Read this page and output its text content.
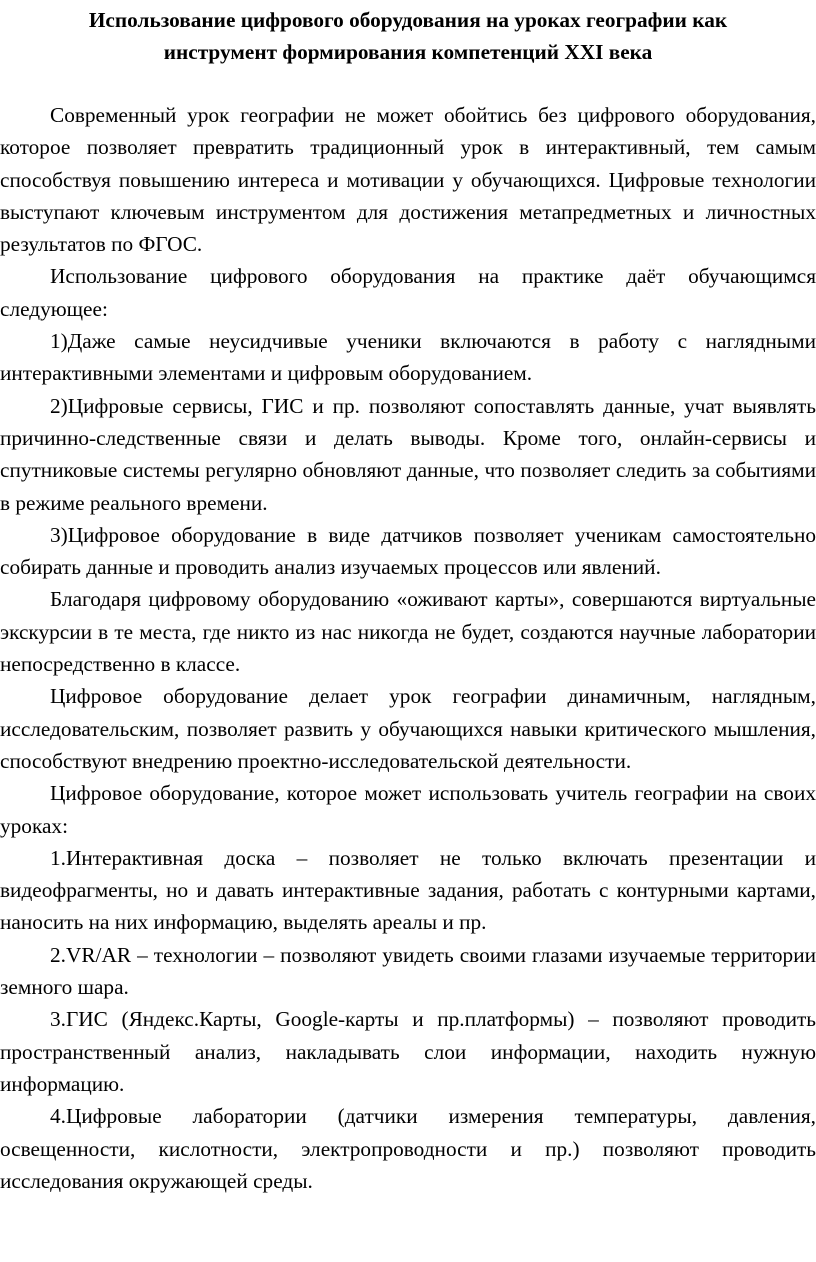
Использование цифрового оборудования на уроках географии как
инструмент формирования компетенций XXI века

Современный урок географии не может обойтись без цифрового оборудования, которое позволяет превратить традиционный урок в интерактивный, тем самым способствуя повышению интереса и мотивации у обучающихся. Цифровые технологии выступают ключевым инструментом для достижения метапредметных и личностных результатов по ФГОС.

Использование цифрового оборудования на практике даёт обучающимся следующее:

1)Даже самые неусидчивые ученики включаются в работу с наглядными интерактивными элементами и цифровым оборудованием.

2)Цифровые сервисы, ГИС и пр. позволяют сопоставлять данные, учат выявлять причинно-следственные связи и делать выводы. Кроме того, онлайн-сервисы и спутниковые системы регулярно обновляют данные, что позволяет следить за событиями в режиме реального времени.

3)Цифровое оборудование в виде датчиков позволяет ученикам самостоятельно собирать данные и проводить анализ изучаемых процессов или явлений.

Благодаря цифровому оборудованию «оживают карты», совершаются виртуальные экскурсии в те места, где никто из нас никогда не будет, создаются научные лаборатории непосредственно в классе.

Цифровое оборудование делает урок географии динамичным, наглядным, исследовательским, позволяет развить у обучающихся навыки критического мышления, способствуют внедрению проектно-исследовательской деятельности.

Цифровое оборудование, которое может использовать учитель географии на своих уроках:

1.Интерактивная доска – позволяет не только включать презентации и видеофрагменты, но и давать интерактивные задания, работать с контурными картами, наносить на них информацию, выделять ареалы и пр.

2.VR/AR – технологии – позволяют увидеть своими глазами изучаемые территории земного шара.

3.ГИС (Яндекс.Карты, Google-карты и пр.платформы) – позволяют проводить пространственный анализ, накладывать слои информации, находить нужную информацию.

4.Цифровые лаборатории (датчики измерения температуры, давления, освещенности, кислотности, электропроводности и пр.) позволяют проводить исследования окружающей среды.
